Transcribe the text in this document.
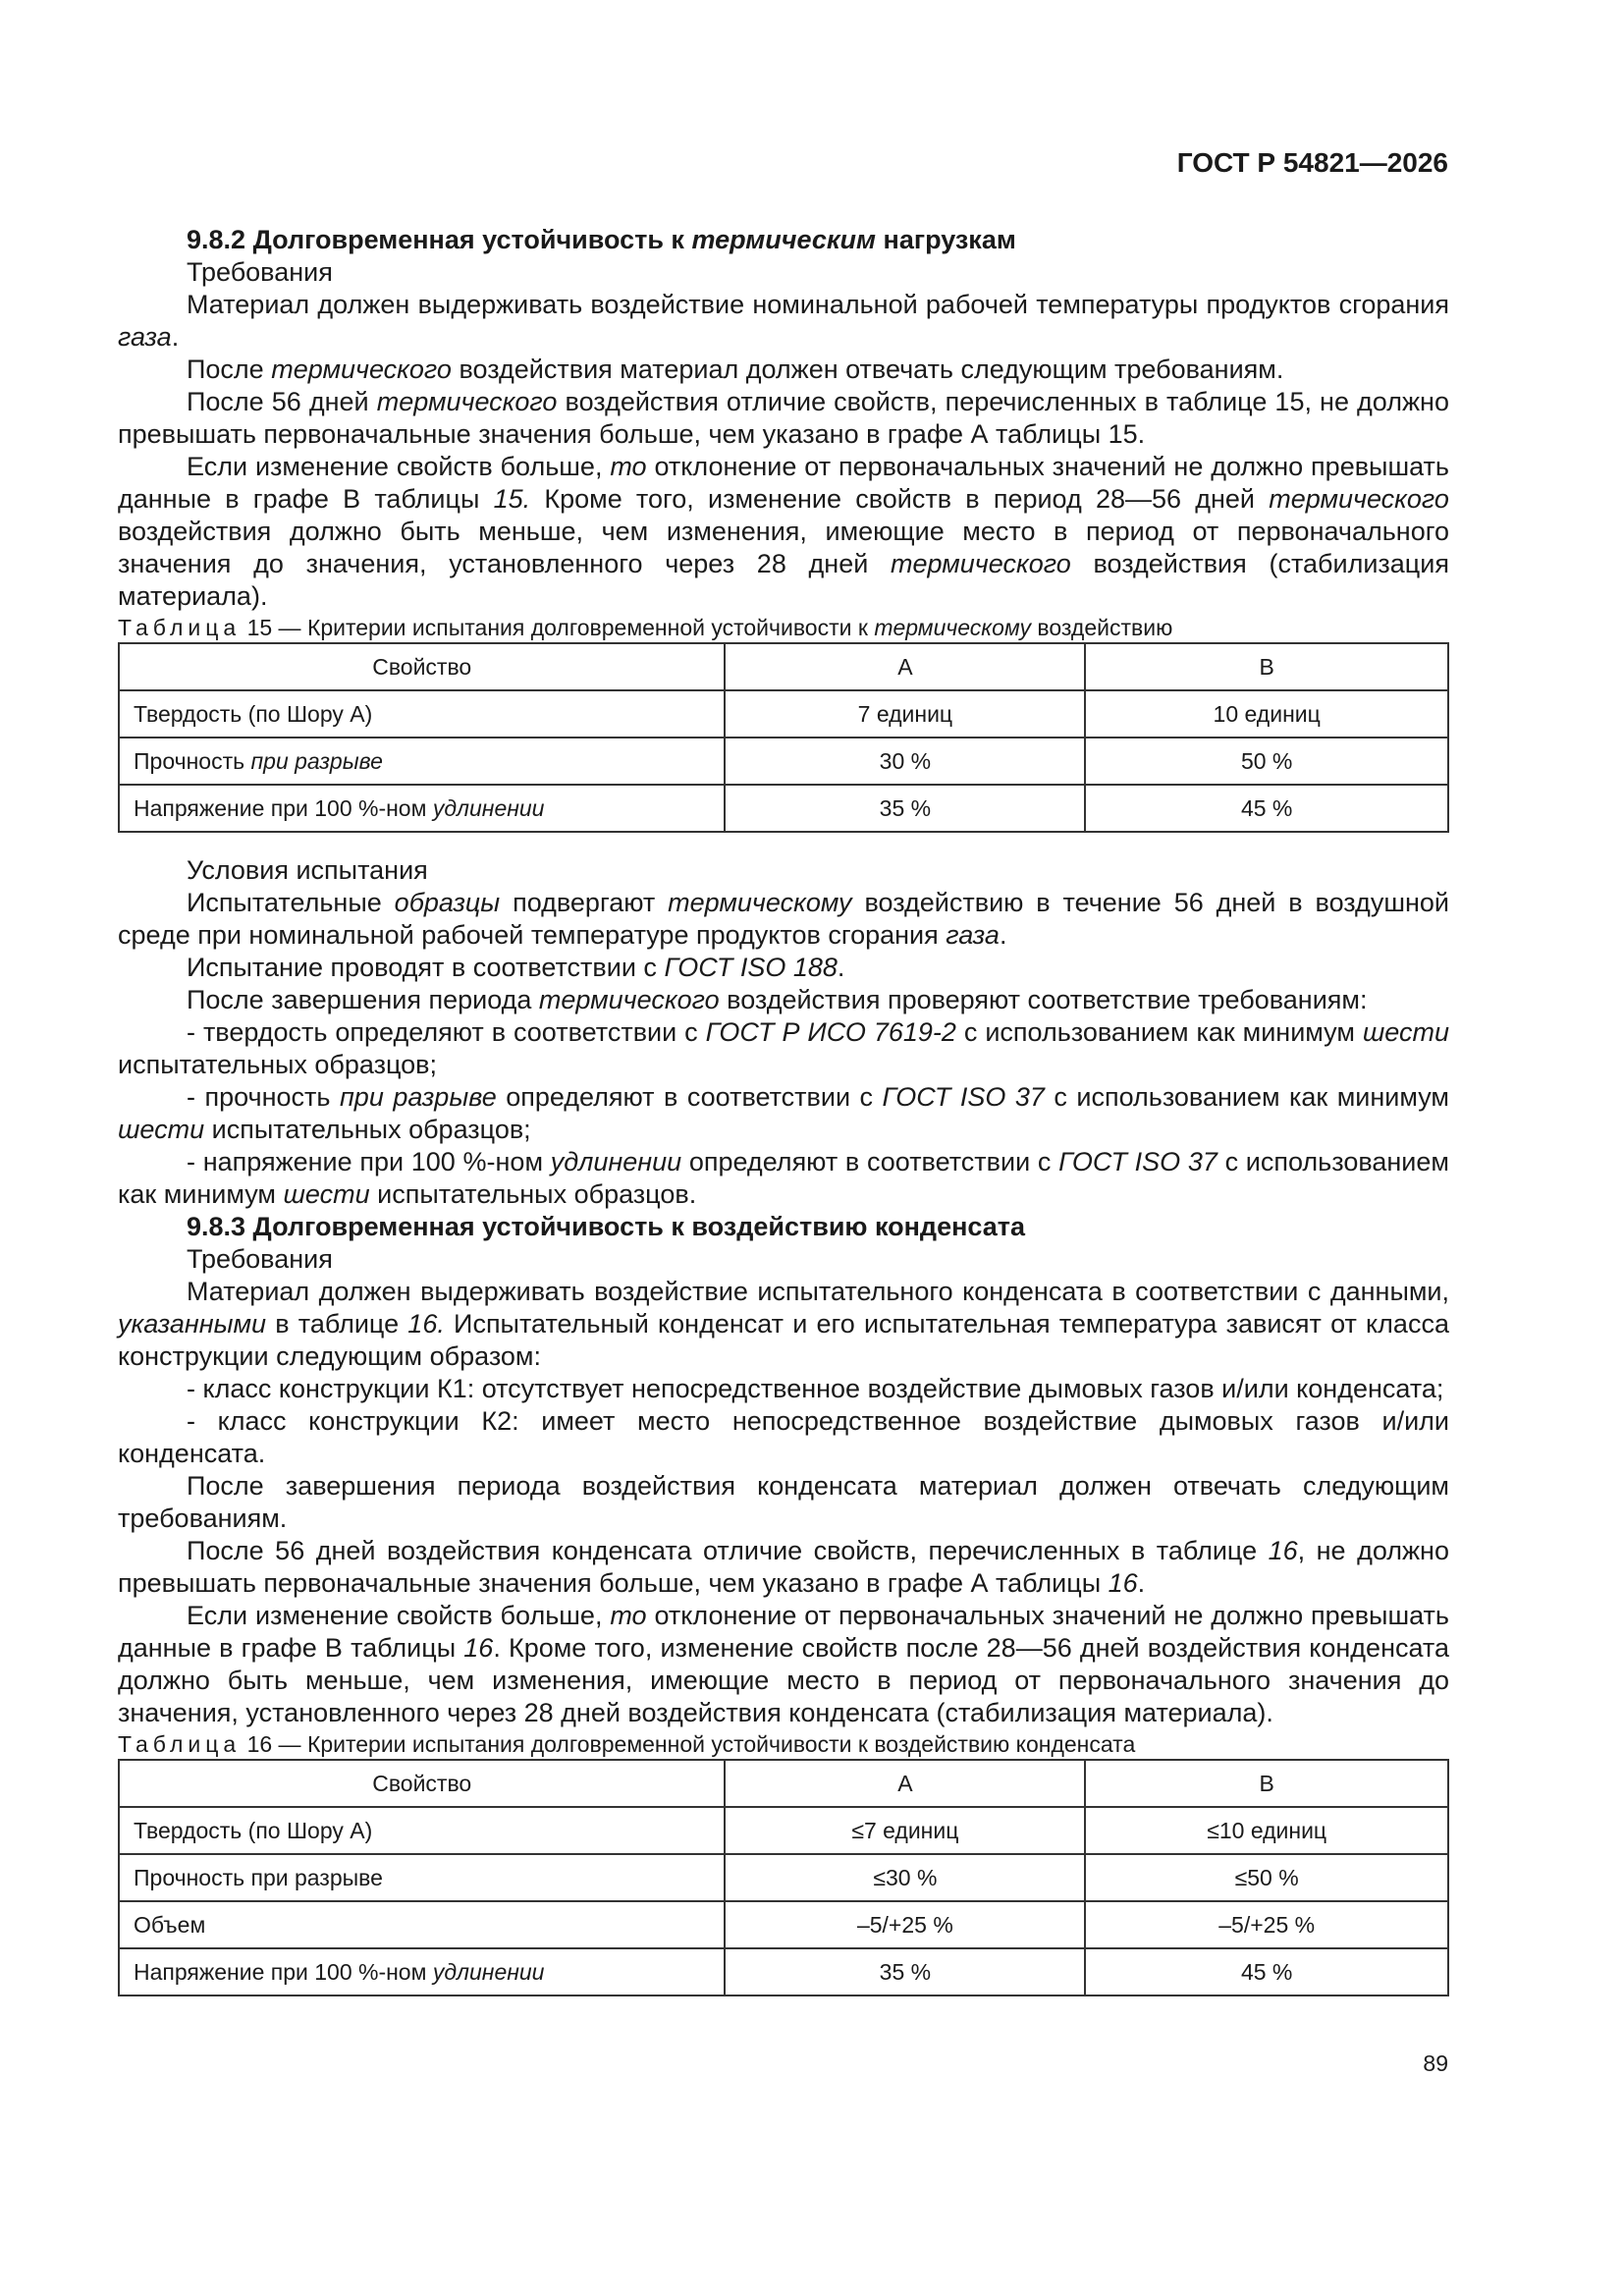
ГОСТ Р 54821—2026

9.8.2 Долговременная устойчивость к термическим нагрузкам

Требования

Материал должен выдерживать воздействие номинальной рабочей температуры продуктов сгорания газа.

После термического воздействия материал должен отвечать следующим требованиям.

После 56 дней термического воздействия отличие свойств, перечисленных в таблице 15, не должно превышать первоначальные значения больше, чем указано в графе А таблицы 15.

Если изменение свойств больше, то отклонение от первоначальных значений не должно превышать данные в графе В таблицы 15. Кроме того, изменение свойств в период 28—56 дней термического воздействия должно быть меньше, чем изменения, имеющие место в период от первоначального значения до значения, установленного через 28 дней термического воздействия (стабилизация материала).

Таблица 15 — Критерии испытания долговременной устойчивости к термическому воздействию

Свойство	А	В
Твердость (по Шору А)	7 единиц	10 единиц
Прочность при разрыве	30 %	50 %
Напряжение при 100 %-ном удлинении	35 %	45 %

Условия испытания

Испытательные образцы подвергают термическому воздействию в течение 56 дней в воздушной среде при номинальной рабочей температуре продуктов сгорания газа.

Испытание проводят в соответствии с ГОСТ ISO 188.

После завершения периода термического воздействия проверяют соответствие требованиям:

- твердость определяют в соответствии с ГОСТ Р ИСО 7619-2 с использованием как минимум шести испытательных образцов;

- прочность при разрыве определяют в соответствии с ГОСТ ISO 37 с использованием как минимум шести испытательных образцов;

- напряжение при 100 %-ном удлинении определяют в соответствии с ГОСТ ISO 37 с использованием как минимум шести испытательных образцов.

9.8.3 Долговременная устойчивость к воздействию конденсата

Требования

Материал должен выдерживать воздействие испытательного конденсата в соответствии с данными, указанными в таблице 16. Испытательный конденсат и его испытательная температура зависят от класса конструкции следующим образом:

- класс конструкции К1: отсутствует непосредственное воздействие дымовых газов и/или конденсата;

- класс конструкции К2: имеет место непосредственное воздействие дымовых газов и/или конденсата.

После завершения периода воздействия конденсата материал должен отвечать следующим требованиям.

После 56 дней воздействия конденсата отличие свойств, перечисленных в таблице 16, не должно превышать первоначальные значения больше, чем указано в графе А таблицы 16.

Если изменение свойств больше, то отклонение от первоначальных значений не должно превышать данные в графе В таблицы 16. Кроме того, изменение свойств после 28—56 дней воздействия конденсата должно быть меньше, чем изменения, имеющие место в период от первоначального значения до значения, установленного через 28 дней воздействия конденсата (стабилизация материала).

Таблица 16 — Критерии испытания долговременной устойчивости к воздействию конденсата

Свойство	А	В
Твердость (по Шору А)	≤7 единиц	≤10 единиц
Прочность при разрыве	≤30 %	≤50 %
Объем	–5/+25 %	–5/+25 %
Напряжение при 100 %-ном удлинении	35 %	45 %
89
